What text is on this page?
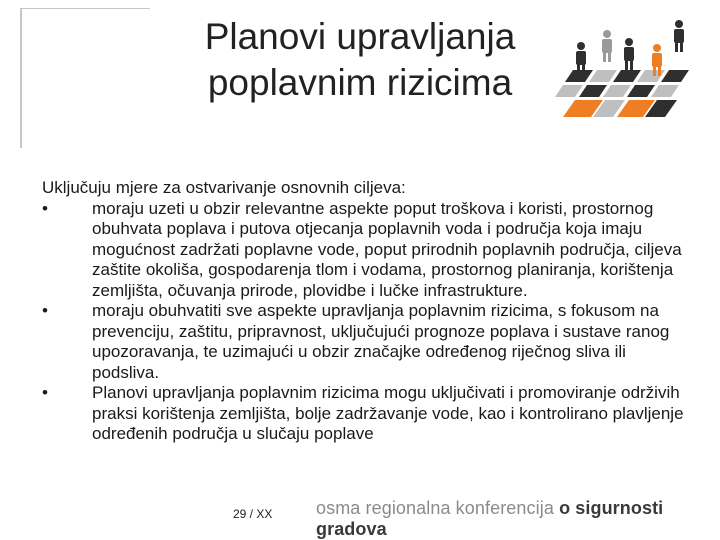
Planovi upravljanja
poplavnim rizicima

Uključuju mjere za ostvarivanje osnovnih ciljeva:

•	moraju uzeti u obzir relevantne aspekte poput troškova i koristi, prostornog obuhvata poplava i putova otjecanja poplavnih voda i područja koja imaju mogućnost zadržati poplavne vode, poput prirodnih poplavnih područja, ciljeva zaštite okoliša, gospodarenja tlom i vodama, prostornog planiranja, korištenja zemljišta, očuvanja prirode, plovidbe i lučke infrastrukture.
•	moraju obuhvatiti sve aspekte upravljanja poplavnim rizicima, s fokusom na prevenciju, zaštitu, pripravnost, uključujući prognoze poplava i sustave ranog upozoravanja, te uzimajući u obzir značajke određenog riječnog sliva ili podsliva.
•	Planovi upravljanja poplavnim rizicima mogu uključivati i promoviranje održivih praksi korištenja zemljišta, bolje zadržavanje vode, kao i kontrolirano plavljenje određenih područja u slučaju poplave
29 / XX osma regionalna konferencija o sigurnosti gradova
